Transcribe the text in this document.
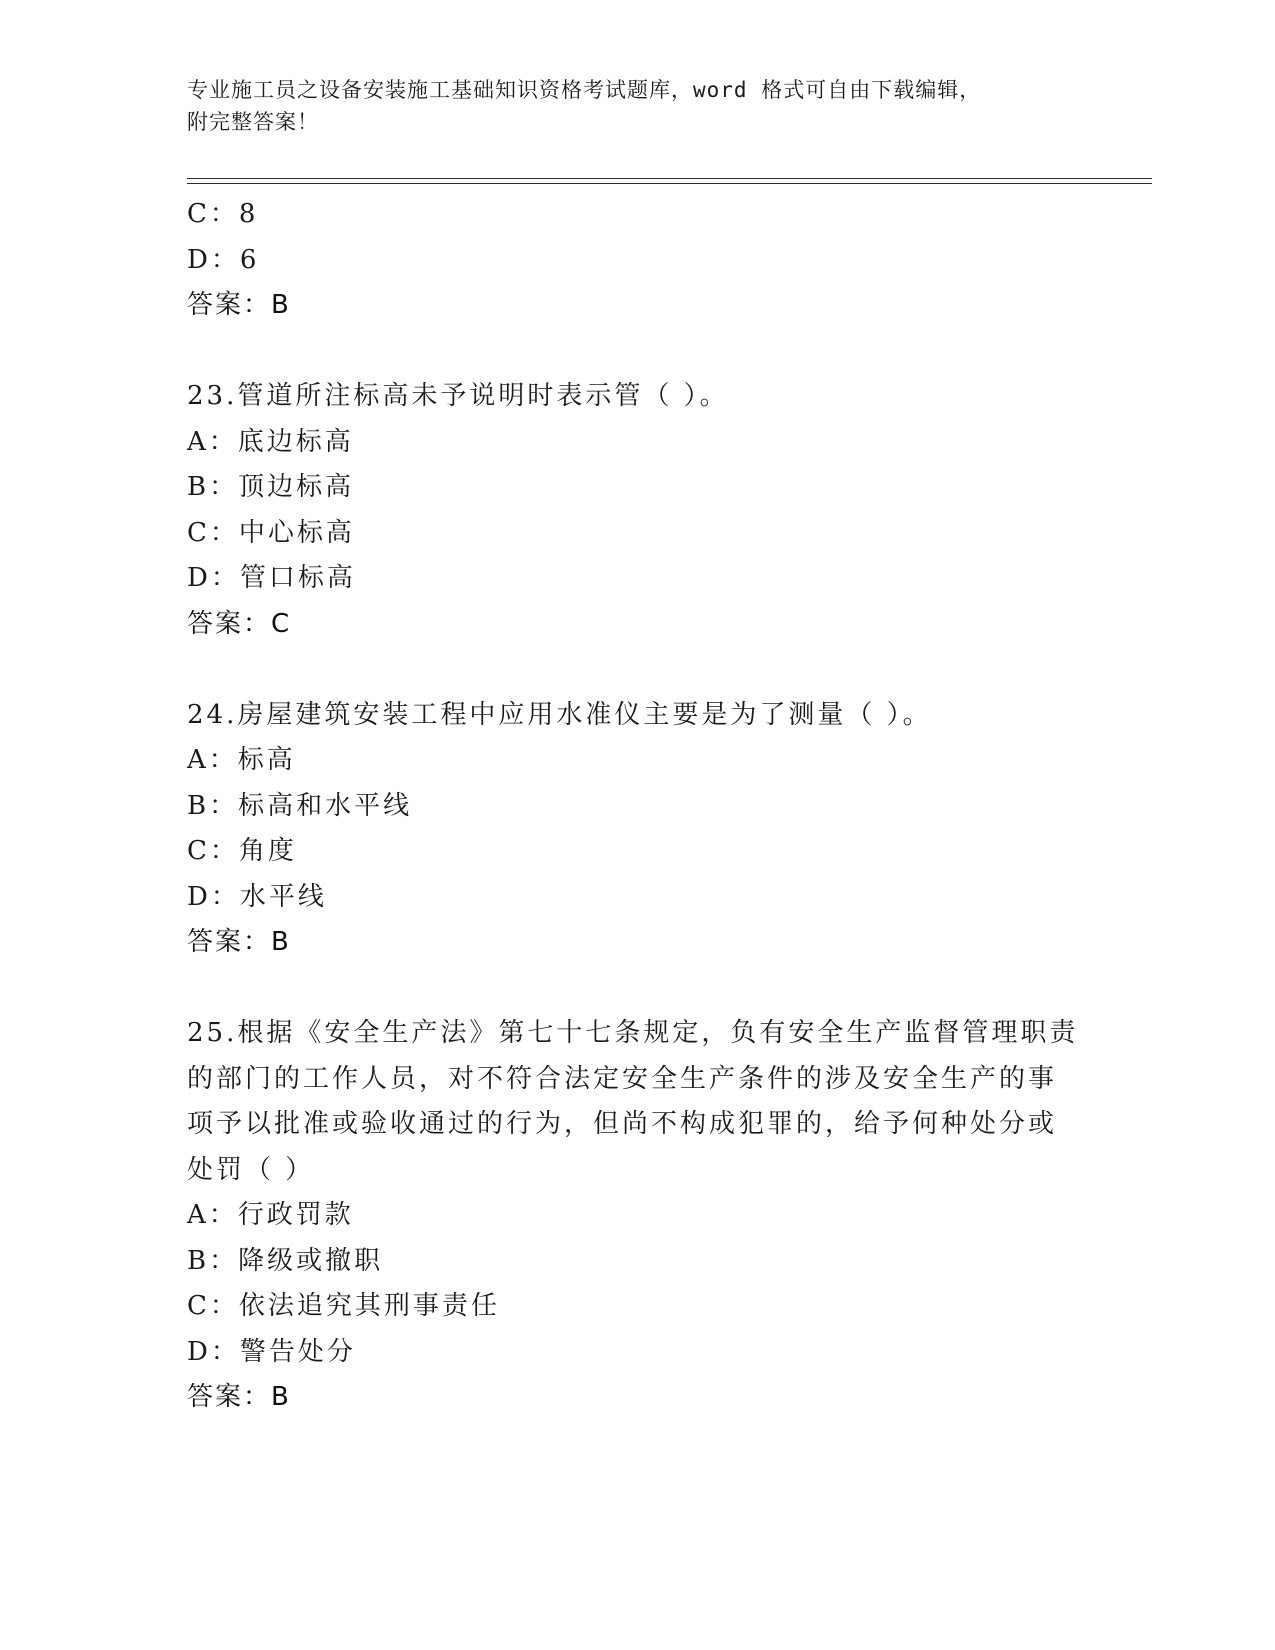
专业施工员之设备安装施工基础知识资格考试题库，word 格式可自由下载编辑，
附完整答案！
C：8
D：6
答案：B
23.管道所注标高未予说明时表示管（ ）。
A：底边标高
B：顶边标高
C：中心标高
D：管口标高
答案：C
24.房屋建筑安装工程中应用水准仪主要是为了测量（ ）。
A：标高
B：标高和水平线
C：角度
D：水平线
答案：B
25.根据《安全生产法》第七十七条规定，负有安全生产监督管理职责
的部门的工作人员，对不符合法定安全生产条件的涉及安全生产的事
项予以批准或验收通过的行为，但尚不构成犯罪的，给予何种处分或
处罚（ ）
A：行政罚款
B：降级或撤职
C：依法追究其刑事责任
D：警告处分
答案：B
